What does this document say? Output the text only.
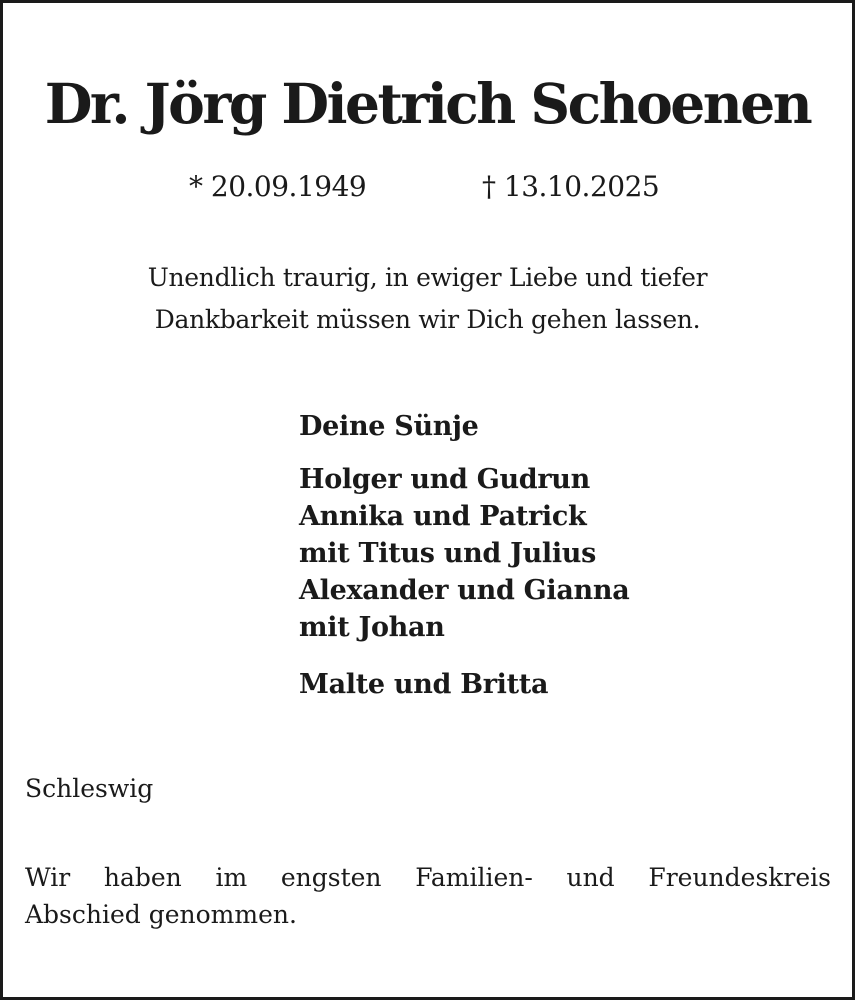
Dr. Jörg Dietrich Schoenen
* 20.09.1949	† 13.10.2025
Unendlich traurig, in ewiger Liebe und tiefer
Dankbarkeit müssen wir Dich gehen lassen.
Deine Sünje
Holger und Gudrun
Annika und Patrick
mit Titus und Julius
Alexander und Gianna
mit Johan
Malte und Britta
Schleswig
Wir haben im engsten Familien- und Freundeskreis
Abschied genommen.
